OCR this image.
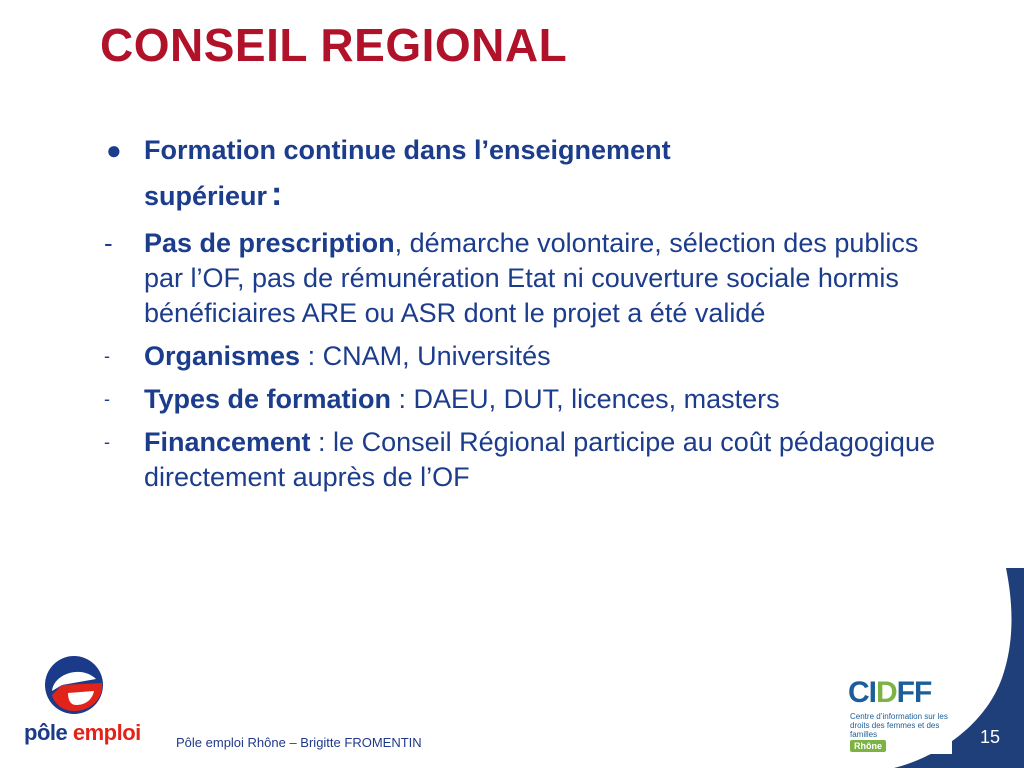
CONSEIL REGIONAL
● Formation continue dans l’enseignement
supérieur :
- Pas de prescription, démarche volontaire, sélection des publics par l’OF, pas de rémunération Etat ni couverture sociale hormis bénéficiaires ARE ou ASR dont le projet a été validé
- Organismes : CNAM, Universités
- Types de formation : DAEU, DUT, licences, masters
- Financement : le Conseil Régional participe au coût pédagogique directement auprès de l’OF
15
pôle emploi	Pôle emploi Rhône – Brigitte FROMENTIN
CIDFF
Centre d’information sur les droits des femmes et des familles
Rhône
